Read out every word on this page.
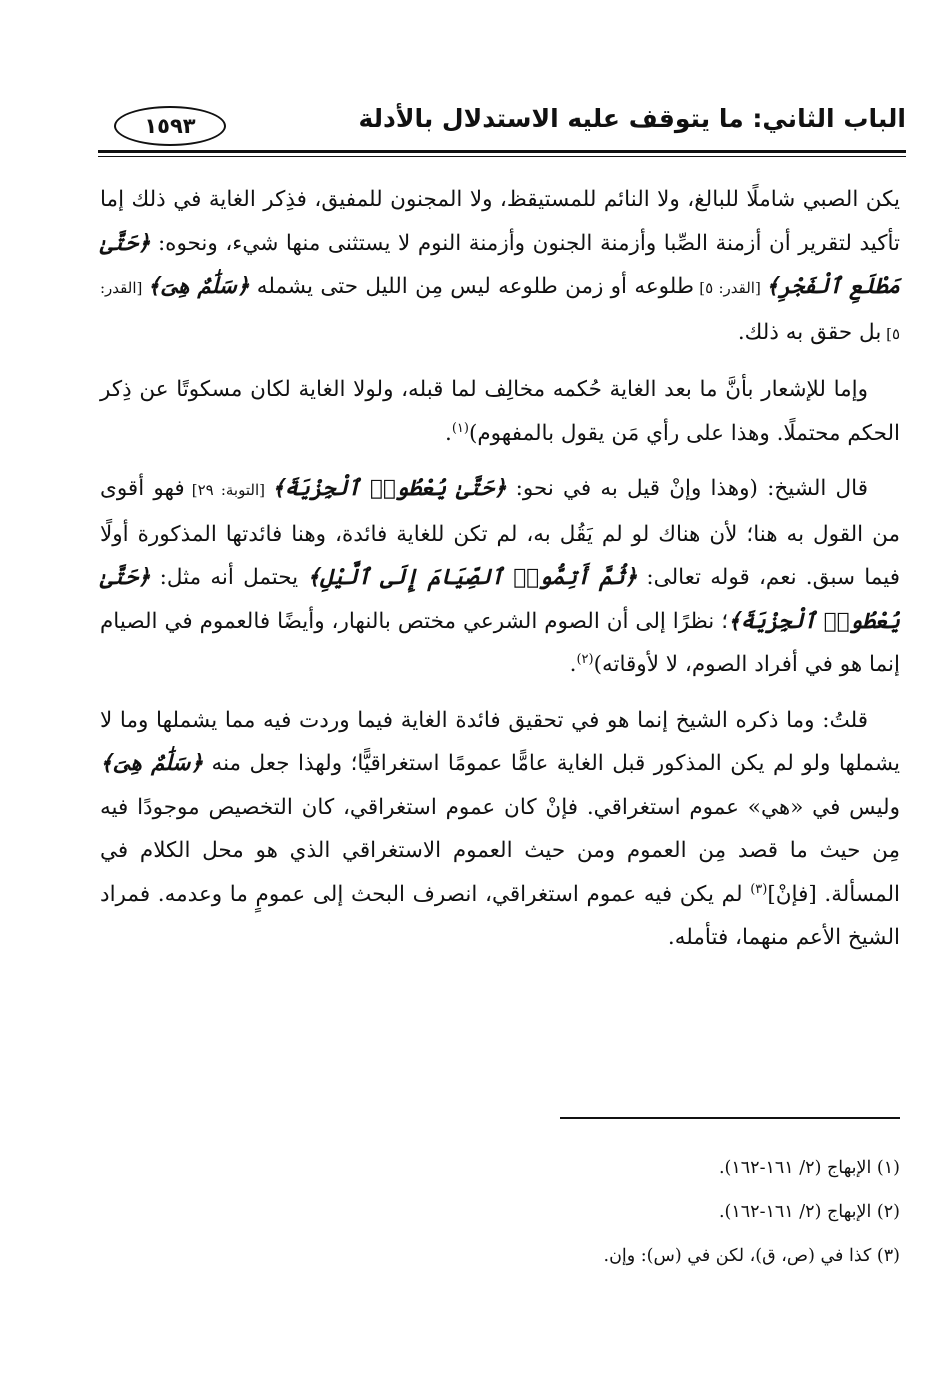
الباب الثاني: ما يتوقف عليه الاستدلال بالأدلة
١٥٩٣

يكن الصبي شاملًا للبالغ، ولا النائم للمستيقظ، ولا المجنون للمفيق، فذِكر الغاية في ذلك إما تأكيد لتقرير أن أزمنة الصِّبا وأزمنة الجنون وأزمنة النوم لا يستثنى منها شيء، ونحوه: ﴿حَتَّىٰ مَطْلَعِ ٱلْفَجْرِ﴾ [القدر: ٥] طلوعه أو زمن طلوعه ليس مِن الليل حتى يشمله ﴿سَلَٰمٌ هِىَ﴾ [القدر: ٥] بل حقق به ذلك.

وإما للإشعار بأنَّ ما بعد الغاية حُكمه مخالِف لما قبله، ولولا الغاية لكان مسكوتًا عن ذِكر الحكم محتملًا. وهذا على رأي مَن يقول بالمفهوم)$^{(١)}$.

قال الشيخ: (وهذا وإنْ قيل به في نحو: ﴿حَتَّىٰ يُعْطُوا۟ ٱلْجِزْيَةَ﴾ [التوبة: ٢٩] فهو أقوى من القول به هنا؛ لأن هناك لو لم يَقُل به، لم تكن للغاية فائدة، وهنا فائدتها المذكورة أولًا فيما سبق. نعم، قوله تعالى: ﴿ثُمَّ أَتِمُّوا۟ ٱلصِّيَامَ إِلَى ٱلَّيْلِ﴾ يحتمل أنه مثل: ﴿حَتَّىٰ يُعْطُوا۟ ٱلْجِزْيَةَ﴾؛ نظرًا إلى أن الصوم الشرعي مختص بالنهار، وأيضًا فالعموم في الصيام إنما هو في أفراد الصوم، لا لأوقاته)$^{(٢)}$.

قلتُ: وما ذكره الشيخ إنما هو في تحقيق فائدة الغاية فيما وردت فيه مما يشملها وما لا يشملها ولو لم يكن المذكور قبل الغاية عامًّا عمومًا استغراقيًّا؛ ولهذا جعل منه ﴿سَلَٰمٌ هِىَ﴾ وليس في «هي» عموم استغراقي. فإنْ كان عموم استغراقي، كان التخصيص موجودًا فيه مِن حيث ما قصد مِن العموم ومن حيث العموم الاستغراقي الذي هو محل الكلام في المسألة. [فإنْ]$^{(٣)}$ لم يكن فيه عموم استغراقي، انصرف البحث إلى عمومٍ ما وعدمه. فمراد الشيخ الأعم منهما، فتأمله.

(١) الإبهاج (٢/ ١٦١-١٦٢).
(٢) الإبهاج (٢/ ١٦١-١٦٢).
(٣) كذا في (ص، ق)، لكن في (س): وإن.
